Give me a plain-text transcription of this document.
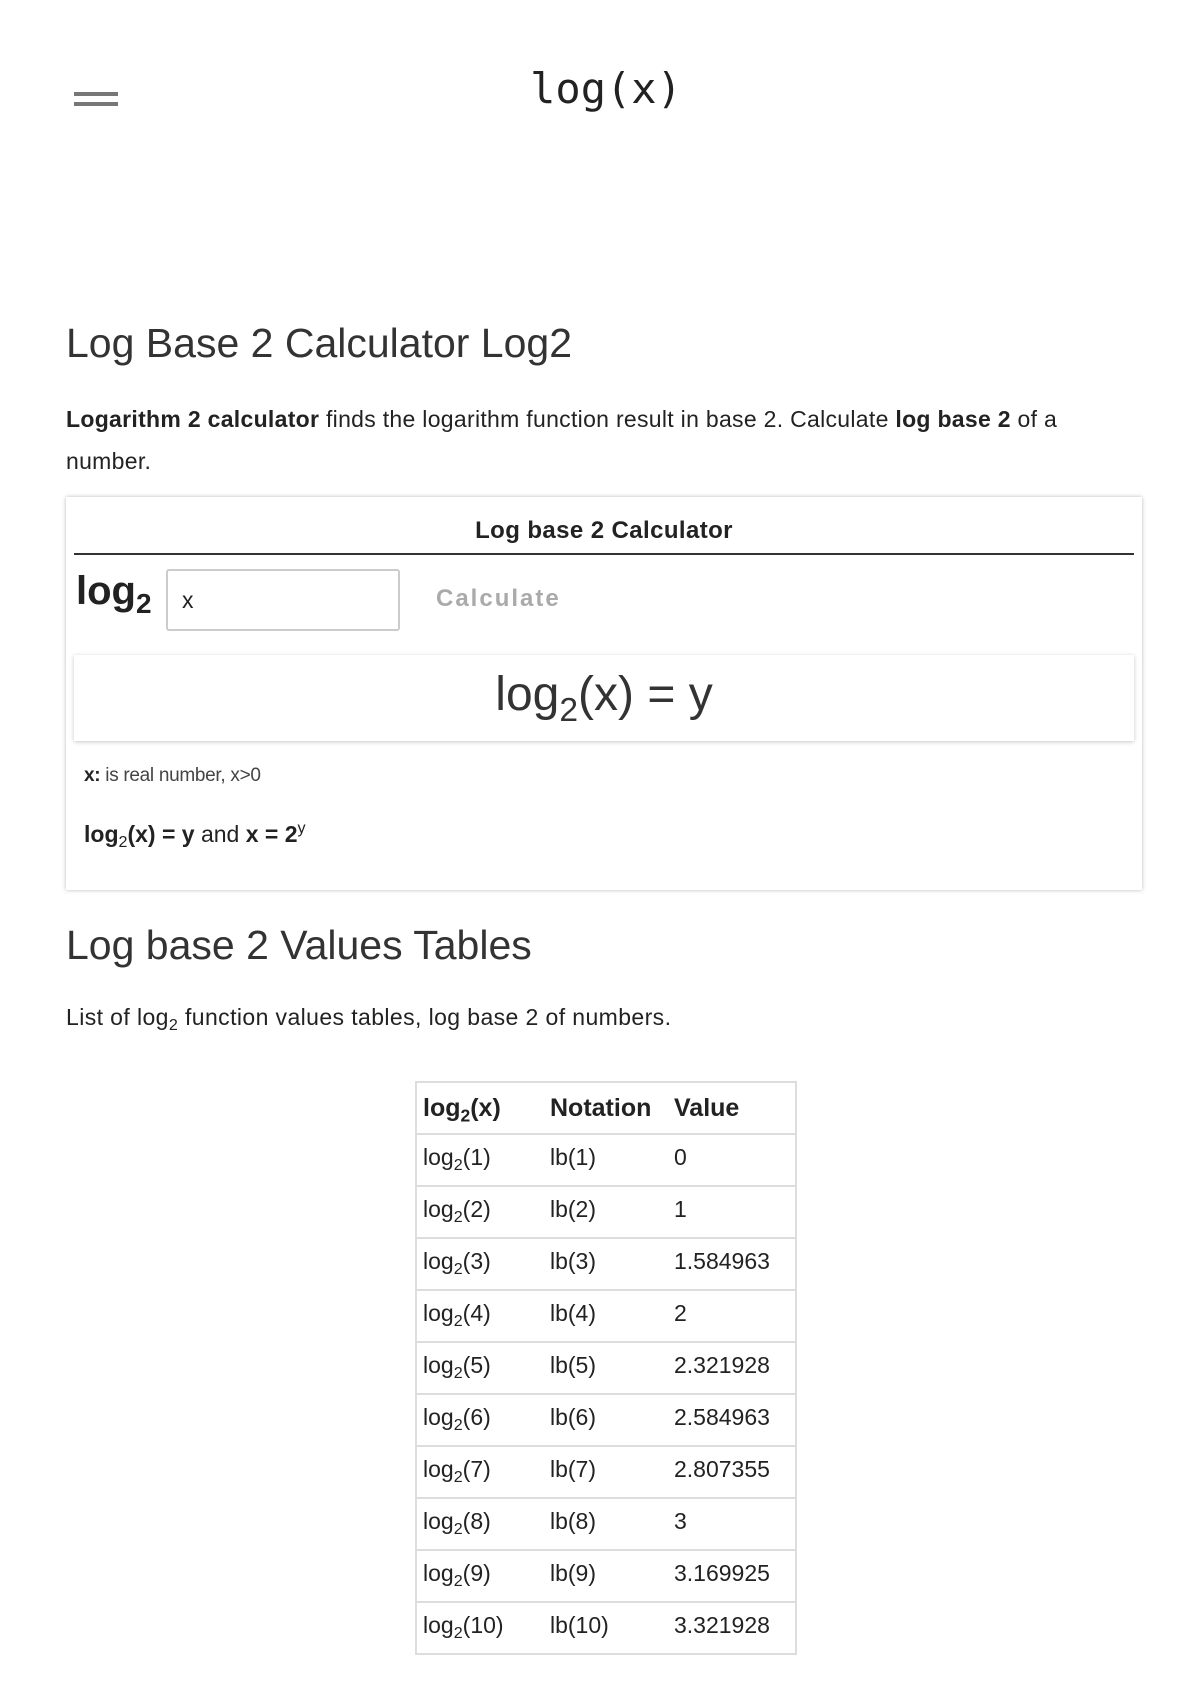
log(x)
Log Base 2 Calculator Log2

Logarithm 2 calculator finds the logarithm function result in base 2. Calculate log base 2 of a number.

Log base 2 Calculator
$\log_2$
x	Calculate
$\log_2(x) = y$
x: is real number, x>0
$\log_2(x) = y$ and $x = 2^y$
Log base 2 Values Tables

List of $\log_2$ function values tables, log base 2 of numbers.

$\log_2(x)$	Notation	Value
$\log_2(1)$	lb(1)	0
$\log_2(2)$	lb(2)	1
$\log_2(3)$	lb(3)	1.584963
$\log_2(4)$	lb(4)	2
$\log_2(5)$	lb(5)	2.321928
$\log_2(6)$	lb(6)	2.584963
$\log_2(7)$	lb(7)	2.807355
$\log_2(8)$	lb(8)	3
$\log_2(9)$	lb(9)	3.169925
$\log_2(10)$	lb(10)	3.321928
